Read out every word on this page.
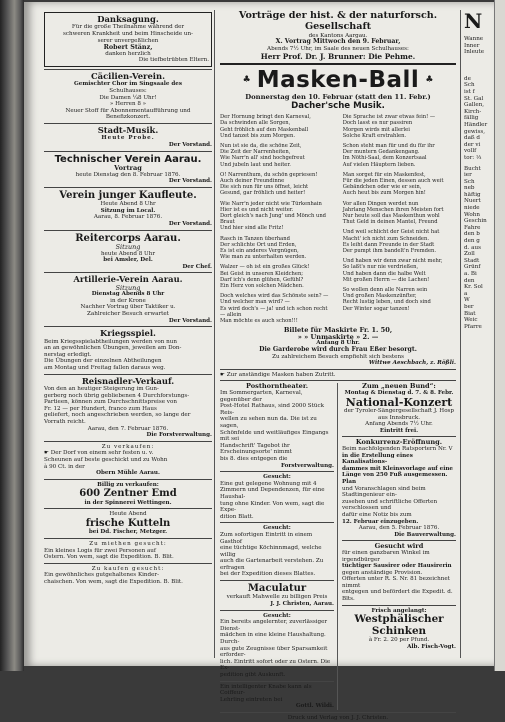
Danksagung.
Für die große Theilnahme während der
schweren Krankheit und beim Hinscheide un-
serer unvergeßlichen
Robert Stänz,
danken herzlich
Die tiefbetrübten Eltern.
Cäcilien-Verein.
Gemischter Chor im Singsaale des
Schulhauses:
Die Damen ¼8 Uhr!
» Herren 8 »
Neuer Stoff für Abonnementaufführung und
Benefizkonzert.
Stadt-Musik.
Heute Probe.
Der Vorstand.
Technischer Verein Aarau.
Vortrag
heute Dienstag den 8. Februar 1876.
Der Vorstand.
Verein junger Kaufleute.
Heute Abend 8 Uhr
Sitzung im Local.
Aarau, 8. Februar 1876.
Der Vorstand.
Reitercorps Aarau.
Sitzung
heute Abend 8 Uhr
bei Amsler, Del.
Der Chef.
Artillerie-Verein Aarau.
Sitzung
Dienstag Abends 8 Uhr
in der Krone
Nachher Vortrag über Taktiker u.
Zahlreicher Besuch erwartet
Der Vorstand.
Kriegsspiel.
Beim Kriegsspielabtheilungen werden von nun
an an gewöhnlichen Übungen, jeweilen am Don-
nerstag erledigt.
Die Übungen der einzelnen Abtheilungen
am Montag und Freitag fallen daraus weg.
Reisnadler-Verkauf.
Von den an heutiger Steigerung im Gun-
gerberg noch übrig gebliebenen 4 Durchforstungs-
Partieen, können zum Durchschnittspreise von
Fr. 12 — per Hundert, franco zum Haus
geliefert, noch angeschrieben werden, so lange der
Vorrath reicht.
Aarau, den 7. Februar 1876.
Die Forstverwaltung.
Zu verkaufen:
☛ Der Dorf von einem sehr festen u. v.
Scheunen auf beste geschickt und zu Wohn
à 90 Ct. in der
Obern Mühle Aarau.
Billig zu verkaufen:
600 Zentner Emd
in der Spinnerei Wettingen.
Heute Abend
frische Kutteln
bei Dd. Fischer, Metzger.
Zu miethen gesucht:
Ein kleines Logis für zwei Personen auf
Ostern. Von wem, sagt die Expedition. B. Blit.
Zu kaufen gesucht:
Ein gewöhnliches gutgehaltenes Kinder-
chaischen. Von wem, sagt die Expedition. B. Blit.
Vorträge der hist. & der naturforsch. Gesellschaft
des Kantons Aargau.
X. Vortrag Mittwoch den 9. Februar,
Abends 7½ Uhr, im Saale des neuen Schulhauses:
Herr Prof. Dr. J. Brunner: Die Pehme.
♣ Masken-Ball ♣
Donnerstag den 10. Februar (statt den 11. Febr.)
Dacher'sche Musik.
Der Hornung bringt den Karneval,
Da schwinden alle Sorgen,
Geht fröhlich auf den Maskenball
Und tanzet bis zum Morgen.
Nun ist sie da, die schöne Zeit,
Die Zeit der Narrenheiten,
Wie Narr'n all' sind hochgefreut
Und jubeln laut und heiter.
O! Narrenthum, du schön gepriesen!
Auch deiner Freundinne
Die sich nun für uns öffnet, leicht
Gesund, gar fröhlich und heiter!
Wie Narr'n jeder nicht wie Türkenhain
Hier ist es und nicht weiter.
Dort gleich's nach Jung' und Mönch und Braut
Und hier sind alle Fritz!
Rasch in Tanzen überhand
Der schlichte Ort und Erden,
Es ist ein anderes Vergnügen,
Wie man zu unterhalten werden.
Walzer — oh ist ein großes Glück!
Bei Geist in unseren Kleidchen;
Darf ich's denn glühen, Gefühl?
Ein Herz von solchen Mädchen.
Doch welches wird das Schönste sein? —
Und welcher man wird? —
Es wird doch's — ja! und ich schon recht — allein
Man möchte es auch schon!!!
Die Sprache ist zwar etwas fein! —
Doch lasst es nur passiren
Morgen wirds mit allerlei
Solche Kraft erstrahlen.
Schon steht man für und du für ihr
Der muntern Gedankengang.
Im Nöthi-Saal, dem Konzertsaal
Auf vielen Häuptern lieben.
Man sorget für ein Maskenfest,
Für die jeden Einen, dessen auch weit
Gebändchen oder wie er sein,
Auch heut bis zum Morgen hin!
Vor allen Dingen werdet nun
Jahrlang Menschen ihren Meisten fort
Nur heute soll das Maskenthun wohl
Thut Geld in deinen Mantel, Freund
Und weil schlicht der Geist nicht hat
Macht' ich nicht zum Schneiden.
Es leiht dann Freunde in der Stadt
Der pumpt ihm bandelt'n Fremden.
Und haben wir denn zwar nicht mehr,
So laßt's nur nie verdrießen,
Und haben dann die halbe Welt
Mit großen Herrn — die Lachen!
So wollen denn alle Narren sein
Und großen Maskenzünfter,
Recht lustig leben, und doch sind
Der Winter sogar tanzen!
Billete für Maskirte Fr. 1. 50,
» » Unmaskirte » 2. —
Anfang 8 Uhr.
Die Garderobe wird durch Frau Eßer besorgt.
Zu zahlreichem Besuch empfiehlt sich bestens
Wittwe Aeschbach, z. Rößli.
☛ Zur anständige Masken haben Zutritt.
Posthorntheater.
Im Sommergarten, Karneval, gegenüber der
Post-Hotel Rathaus, sind 2000 Stück Reis-
wellen zu sehen nun da. Die ist zu sagen,
Schönfelde und weitläufiges Eingangs mit sei
Handschrift' Tagebot ihr Erscheinungsorte' nimmt
bis 8. dies entgegen die
Forstverwaltung.
Gesucht:
Eine gut gelegene Wohnung mit 4
Zimmern und Dependenzen, für eine Haushal-
tung ohne Kinder. Von wem, sagt die Expe-
dition Blatt.
Gesucht:
Zum sofortigen Eintritt in einem Gasthof
eine tüchtige Köchinnmagd, welche willig
auch die Gartenarbeit verstehen. Zu erfragen
bei der Expedition dieses Blattes.
Maculatur
verkauft Mahwelle zu billigen Preis
J. J. Christen, Aarau.
Gesucht:
Ein bereits angelernter, zuverlässiger Dienst-
mädchen in eine kleine Haushaltung. Durch-
aus gute Zeugnisse über Sparsamkeit erforder-
lich. Eintritt sofort oder zu Ostern. Die Ex-
pedition gibt Auskunft.
Ein intelligenter Knabe kann als Coiffeur-
Lehrling eintreten bei
Gottl. Wildi.
Zum „neuen Bund“:
Montag & Dienstag d. 7. & 8. Febr.
National-Konzert
der Tyroler-Sängergesellschaft J. Hosp
aus Innsbruck.
Anfang Abends 7½ Uhr.
Eintritt frei.
Konkurrenz-Eröffnung.
Beim nachfolgenden Ratsportern Nr. V
in die Erstellung eines Kanalisations-
dammes mit Kleinsvorlage auf eine
Länge von 250 Fuß ausgemessen. Plan
und Voranschlagen sind beim Stadtingenieur ein-
zusehen und schriftliche Offerten verschlossen und
dafür eine Notiz bis zum
12. Februar einzugeben.
Aarau, den 5. Februar 1876.
Die Bauverwaltung.
Gesucht wird
für einen ganzbaren Winkel im irgendbürger
tüchtiger Sausirer oder Hausirerin
gegen anständige Provision.
Offerten unter R. S. Nr. 81 bezeichnet nimmt
entgegen und befördert die Expedit. d. Blts.
Frisch angelangt:
Westphälischer Schinken
à Fr. 2. 20 per Pfund.
Alb. Fisch-Vogt.
Druck und Verlag von J. J. Christen.
N
Wanne
Inner
Inleute
de
Sch
ist f
St. Gal
Gallen,
Kirch-
fällig
Händler
gewiss,
daß d
der vi
vollf
tor: ⅓
Bucht
ier
Sch
neb
häftig
Nuert
niede
Wohn
Geschin
Fahre
den b
den g
d. aus
Zoll
Stadt
Grünf
a. Bi
den
Kr. Sol
a
W
ber
Biat
Weic
Pfarre
